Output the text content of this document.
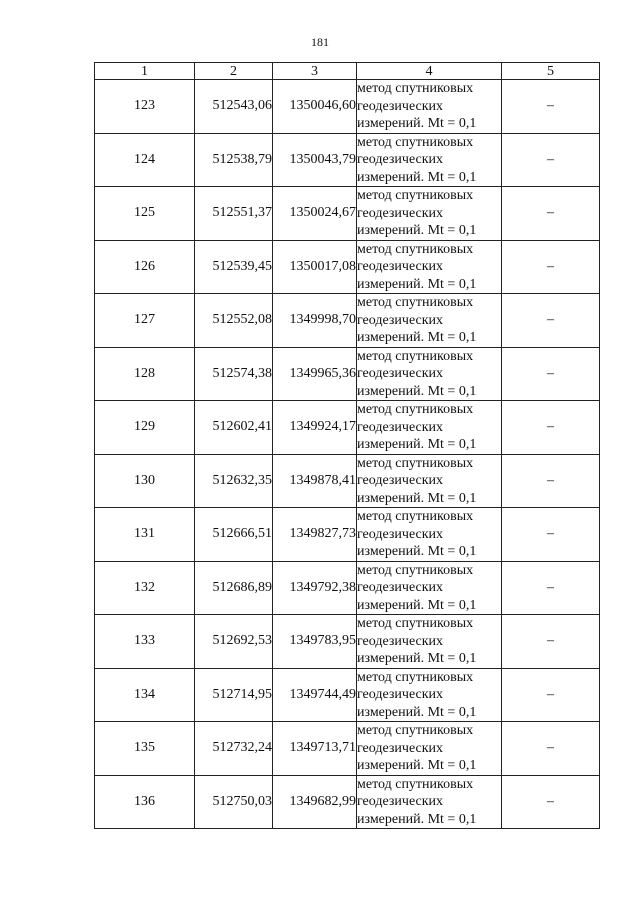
181
1	2	3	4	5
123	512543,06	1350046,60	метод спутниковых
геодезических
измерений. Mt = 0,1	–
124	512538,79	1350043,79	метод спутниковых
геодезических
измерений. Mt = 0,1	–
125	512551,37	1350024,67	метод спутниковых
геодезических
измерений. Mt = 0,1	–
126	512539,45	1350017,08	метод спутниковых
геодезических
измерений. Mt = 0,1	–
127	512552,08	1349998,70	метод спутниковых
геодезических
измерений. Mt = 0,1	–
128	512574,38	1349965,36	метод спутниковых
геодезических
измерений. Mt = 0,1	–
129	512602,41	1349924,17	метод спутниковых
геодезических
измерений. Mt = 0,1	–
130	512632,35	1349878,41	метод спутниковых
геодезических
измерений. Mt = 0,1	–
131	512666,51	1349827,73	метод спутниковых
геодезических
измерений. Mt = 0,1	–
132	512686,89	1349792,38	метод спутниковых
геодезических
измерений. Mt = 0,1	–
133	512692,53	1349783,95	метод спутниковых
геодезических
измерений. Mt = 0,1	–
134	512714,95	1349744,49	метод спутниковых
геодезических
измерений. Mt = 0,1	–
135	512732,24	1349713,71	метод спутниковых
геодезических
измерений. Mt = 0,1	–
136	512750,03	1349682,99	метод спутниковых
геодезических
измерений. Mt = 0,1	–
